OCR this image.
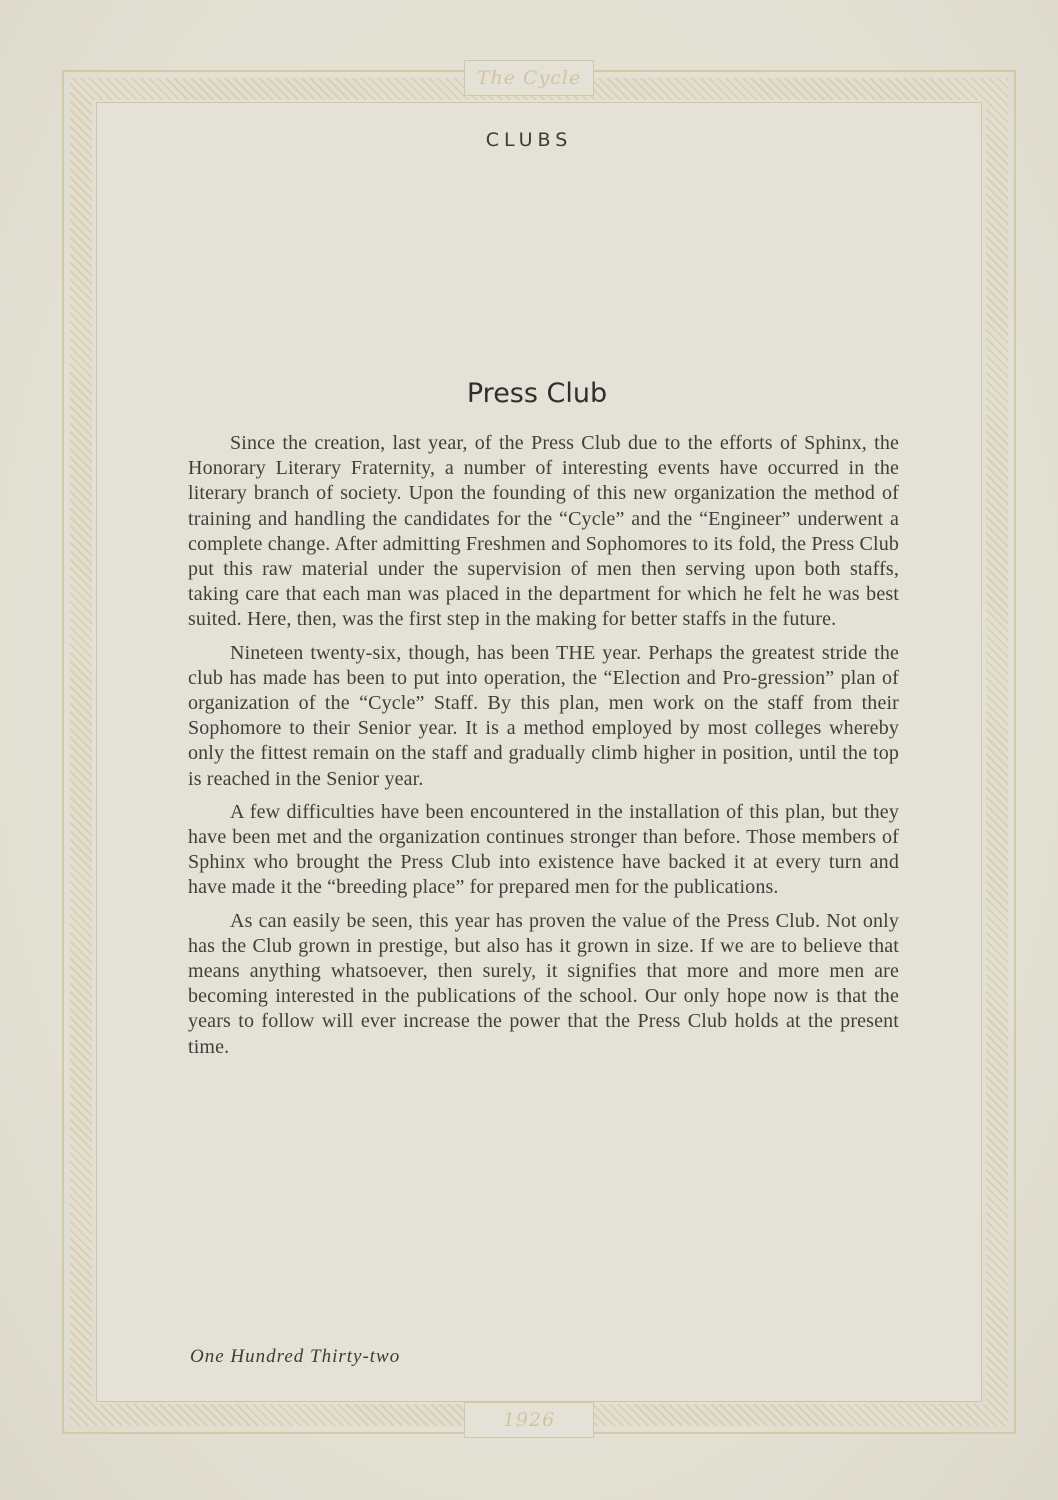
The Cycle
1926
CLUBS
Press Club

Since the creation, last year, of the Press Club due to the efforts of Sphinx, the Honorary Literary Fraternity, a number of interesting events have occurred in the literary branch of society. Upon the founding of this new organization the method of training and handling the candidates for the “Cycle” and the “Engineer” underwent a complete change. After admitting Freshmen and Sophomores to its fold, the Press Club put this raw material under the supervision of men then serving upon both staffs, taking care that each man was placed in the department for which he felt he was best suited. Here, then, was the first step in the making for better staffs in the future.

Nineteen twenty-six, though, has been THE year. Perhaps the greatest stride the club has made has been to put into operation, the “Election and Pro-gression” plan of organization of the “Cycle” Staff. By this plan, men work on the staff from their Sophomore to their Senior year. It is a method employed by most colleges whereby only the fittest remain on the staff and gradually climb higher in position, until the top is reached in the Senior year.

A few difficulties have been encountered in the installation of this plan, but they have been met and the organization continues stronger than before. Those members of Sphinx who brought the Press Club into existence have backed it at every turn and have made it the “breeding place” for prepared men for the publications.

As can easily be seen, this year has proven the value of the Press Club. Not only has the Club grown in prestige, but also has it grown in size. If we are to believe that means anything whatsoever, then surely, it signifies that more and more men are becoming interested in the publications of the school. Our only hope now is that the years to follow will ever increase the power that the Press Club holds at the present time.

One Hundred Thirty-two
